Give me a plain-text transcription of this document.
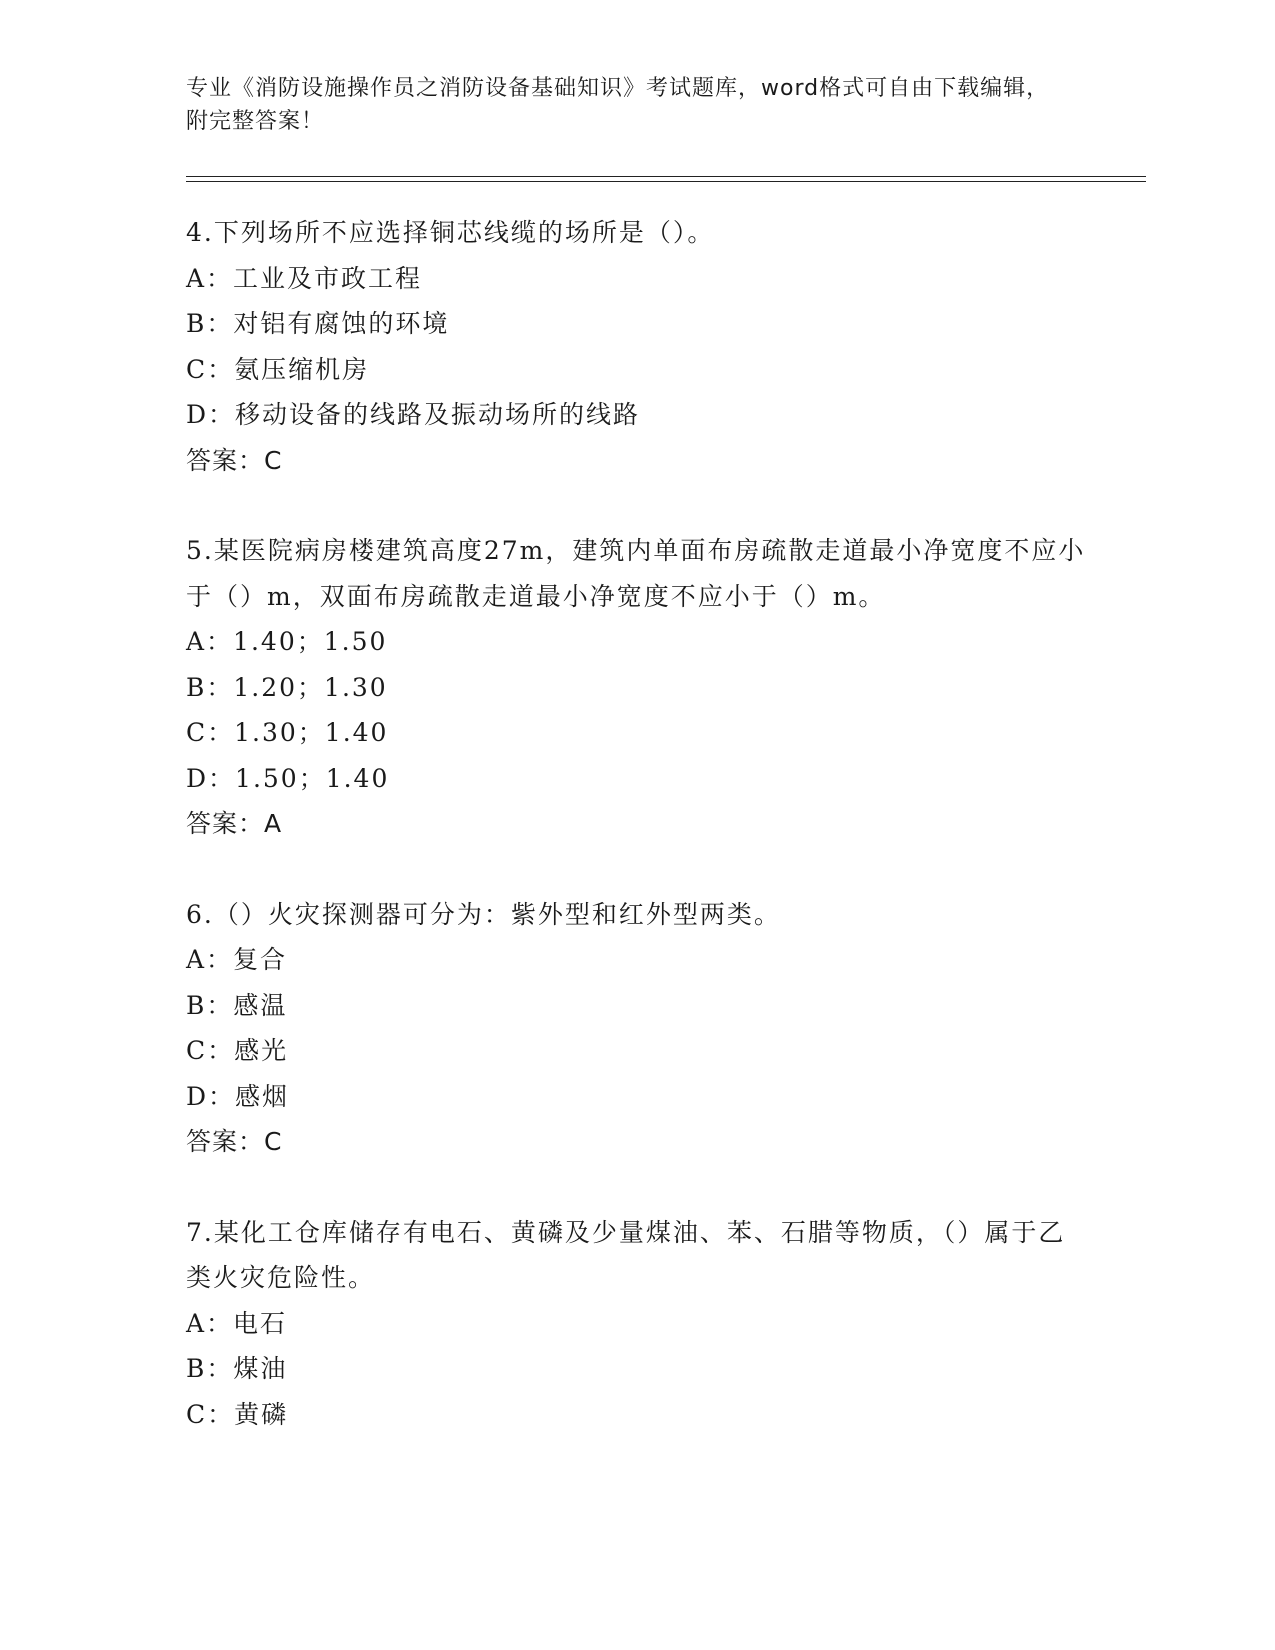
专业《消防设施操作员之消防设备基础知识》考试题库，word格式可自由下载编辑，附完整答案！
4.下列场所不应选择铜芯线缆的场所是（）。
A：工业及市政工程
B：对铝有腐蚀的环境
C：氨压缩机房
D：移动设备的线路及振动场所的线路
答案：C
5.某医院病房楼建筑高度27m，建筑内单面布房疏散走道最小净宽度不应小于（）m，双面布房疏散走道最小净宽度不应小于（）m。
A：1.40；1.50
B：1.20；1.30
C：1.30；1.40
D：1.50；1.40
答案：A
6.（）火灾探测器可分为：紫外型和红外型两类。
A：复合
B：感温
C：感光
D：感烟
答案：C
7.某化工仓库储存有电石、黄磷及少量煤油、苯、石腊等物质，（）属于乙类火灾危险性。
A：电石
B：煤油
C：黄磷
